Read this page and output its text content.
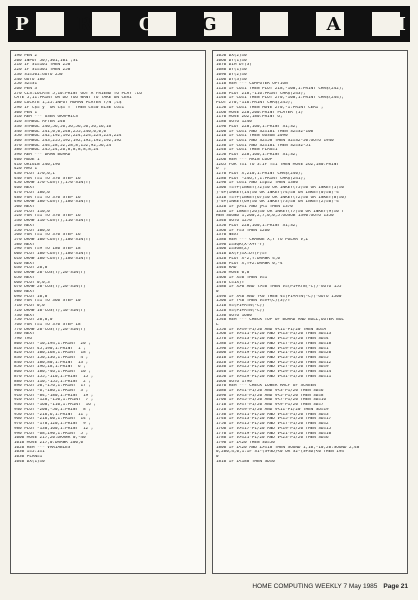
P	R	O	G	R	A	M
190 PEN 2
200 INPUT"50),301,101";S1
210 IF S1=101 THEN 250
220 IF S1=301 THEN 250
230 S1=501:GOTO 250
240 GOTO 180
250 S2=S1
260 PEN 3
270 CLS:LOCATE 5,10:PRINT"GOT A FRIEND TO PLAY":LO
CATE 5,11:PRINT"OR DO YOU WANT TO TAKE ON CERI"
280 LOCATE 1,25:INPUT"HUMAN PLAYER Y/N";c$
290 IF c$="y" OR c$="Y" THEN co=0 ELSE co=1
300 PEN 1
310 REM *** USER GRAPHICS
320 SYMBOL AFTER 240
330 SYMBOL 240,56,56,56,56,56,56,16,16
340 SYMBOL 241,0,0,240,255,240,0,0,0
350 SYMBOL 242,192,192,224,224,224,224,224
360 SYMBOL 243,255,192,192,192,192,192,192
370 SYMBOL 244,28,52,28,8,152,92,56,24
380 SYMBOL 245,24,26,8,8,8,8,8,24
390 REM *** DRAW BOARD
400 MODE 1
410 ORIGIN 240,196
420 MAG 1
430 PLOT 170,0,1
440 FOR T=1 TO 370 STEP 16
450 DRAW 170*COS(T),170*SIN(T)
460 NEXT
470 PLOT 180,0
480 FOR T=1 TO 370 STEP 16
490 DRAW 180*COS(T),180*SIN(T)
500 NEXT
510 PLOT 110,0
520 FOR T=1 TO 370 STEP 16
530 DRAW 110*COS(T),110*SIN(T)
540 NEXT
550 PLOT 100,0
560 FOR T=1 TO 370 STEP 16
570 DRAW 100*COS(T),100*SIN(T)
580 NEXT
590 FOR T=9 TO 180 STEP 18
600 PLOT 180*COS(T),180*SIN(T)
610 DRAW 180*COS(T),180*SIN(T)
620 NEXT
630 PLOT 20,0
640 DRAW 20*COS(T),20*SIN(T)
650 NEXT
660 PLOT 0,0,3
670 DRAW 20*COS(T),20*SIN(T)
680 NEXT
690 PLOT 10,0
700 FOR T=1 TO 360 STEP 10
710 PLOT 0,0
720 DRAW 10*COS(T),10*SIN(T)
730 NEXT
750 PLOT 20,0,0
760 FOR T=1 TO 370 STEP 18
770 DRAW 20*COS(T),20*SIN(T)
780 NEXT
790 TAG
800 PLOT -10,194,1:PRINT "20";
810 PLOT 45,190,1:PRINT "1";
820 PLOT 100,168,1:PRINT "18";
830 PLOT 150,136,1:PRINT "4";
840 PLOT 180,80,1:PRINT "13";
850 PLOT 196,18,1:PRINT "6";
860 PLOT 180,-46,1:PRINT "10";
870 PLOT 155,-110,1:PRINT "15";
880 PLOT 110,-155,1:PRINT "2";
890 PLOT 50,-176,1:PRINT "17";
900 PLOT -6,-186,1:PRINT "3";
910 PLOT -84,-180,1:PRINT "19";
920 PLOT -128,-150,1:PRINT "7";
930 PLOT -160,-110,1:PRINT "16";
940 PLOT -200,-50,1:PRINT "8";
950 PLOT -216,6,1:PRINT "11";
960 PLOT -216,60,1:PRINT "14";
970 PLOT -170,120,1:PRINT "9";
980 PLOT -130,160,1:PRINT "12";
990 PLOT -68,190,1:PRINT "5";
1000 MOVE 217,20:DRAWR 0,-40
1010 MOVE 217,0:DRAWR 200,0
1020 REM *** VARIABLES
1030 I=5:I=1
1030 PLAN=1
1040 DX(1)=0
1050 DX(2)=0
1060 DY(1)=0
1070 DIM DY(3)
1080 DY(1)=0
1090 DY(2)=0
1100 DY(3)=0
1110 REM *** COMPUTER OPTION
1120 IF CO=1 THEN PLOT 218,-100,1:PRINT CHR$(242);
1130 PLOT 218,-116:PRINT CHR$(243);
1140 IF CO=1 THEN PLOT 270,-100,1:PRINT CHR$(244);
PLOT 270,-116:PRINT CHR$(245);
1150 IF CO=1 THEN MOVE 270,-1:PRINT"CERI";
1160 MOVE 220,200:PRINT"PLAYER"(1)
1170 MOVE 262,180:PRINT O;
1180 GOTO 1240
1190 PLOT 220,160,1:PRINT S1;S2;
1200 IF CO=1 AND S2=101 THEN S2=S2-100
1210 IF CO=1 THEN GOSUB 2090
1220 IF CO=1 AND S2=50 THEN S2=S2-50:GOTO 1940
1230 IF CO=1 AND S2=101 THEN S2=S2-51
1240 IF CO=1 THEN FLAG=1
1250 PLOT 220,160,1:PRINT S1;S2;
1260 REM *** MAIN LOOP
1265 FOR T=1 TO 3:IF T=1 THEN MOVE 262,180:PRINT"
O ";
1270 PLOT X,210,1:PRINT CHR$(240);
1280 PLOT -246,Y,1:PRINT CHR$(241);
1290 IF co=1 AND I=p=2 THEN 1380
1300 Y=Y+(INKEY(72)=0 OR INKEY(75)=0 OR INKEY(1)=0
)*4+(INKEY(14)=0 OR INKEY(74)=0 OR INKEY(0)=0)*4
1310 Y=Y+(INKEY(67)=0 OR INKEY(72)=0 OR INKEY(0)=0)
)*4+(INKEY(69)=0 OR INKEY(73)=0 OR INKEY(2)=0)*4
1320 IF y>=1 AND y<1 THEN 1370
1330 IF INKEY(26)=0 OR INKEY(77)=0 OR INKEY(9)=0 T
HEN SOUND 1,200,2,7,0,0,5:GOSUB 1390:GOTO 1350
1340 GOTO 1270
1350 PLOT 220,160,1:PRINT S1;S2;
1360 IF F=3 THEN 1260
1370 NEXT
1380 REM *** CHANGE X,Y TO POLAR V,Z
1390 Z=SQR(X*X+Y*Y)
1400 Z=SGN(Z)
1410 DX(F)=X:DY(F)=Y
1420 PLOT X-2,Y:DRAWR 4,0
1430 PLOT X,Y+2:DRAWR 0,-4
1440 RAD
1450 MOVE 0,0
1460 IF X=0 THEN V=1
1470 C=1X)Y
1480 IF X>0 AND Y>=0 THEN V=(P1+ATN(-C))*GOTO 155
0
1490 IF X<0 AND Y<0 THEN V=(P1+ATN(-C))*GOTO 1500
1500 IF Y<0 THEN V=V+(C)(3)/Y
1510 V=(P1+ATN(-C))
1520 V=(P1+ATN(-C))
1530 GOTO 1680
1540 REM *** CHECK TOP OF BOARD AND BULL,OUTER BUL
L
1550 IF V>=9*P1/20 AND V<11*P1/20 THEN SD=A
1560 IF V>=11*P1/20 AND V<13*P1/20 THEN SD=13
1570 IF V>=13*P1/20 AND V<15*P1/20 THEN SD=4
1580 IF V>=15*P1/20 AND V<17*P1/20 THEN SD=18
1590 IF V>=17*P1/20 AND V<19*P1/20 THEN SD=1
1600 IF V>=19*P1/20 AND V<21*P1/20 THEN SD=20
1610 IF V>=21*P1/20 AND V<23*P1/20 THEN SD=5
1620 IF V>=23*P1/20 AND V<25*P1/20 THEN SD=12
1630 IF V>=25*P1/20 AND V<27*P1/20 THEN SD=9
1640 IF V>=27*P1/20 AND V<29*P1/20 THEN SD=14
1650 IF V>=29*P1/20 AND V<31*P1/20 THEN SD=11
1660 GOTO 1790
1670 REM *** CHECK LOWER HALF OF SCREEN
1680 IF V>=1*P1/20 AND V<3*P1/20 THEN SD=6
1690 IF V>=3*P1/20 AND V<5*P1/20 THEN SD=8
1700 IF V>=5*P1/20 AND V<7*P1/20 THEN SD=16
1710 IF V>=7*P1/20 AND V<9*P1/20 THEN SD=7
1720 IF V>=9*P1/20 AND V<11*P1/20 THEN SD=19
1730 IF V>=11*P1/20 AND V<13*P1/20 THEN SD=3
1740 IF V>=13*P1/20 AND V<15*P1/20 THEN SD=17
1750 IF V>=15*P1/20 AND V<17*P1/20 THEN SD=2
1760 IF V>=17*P1/20 AND V<19*P1/20 THEN SD=15
1770 IF V>=19*P1/20 AND V<21*P1/20 THEN SD=10
1780 IF V>=21*P1/20 AND V<23*P1/20 THEN SD=6
1790 IF Z<20 THEN SD=50
1800 IF Z<20 AND Z>=10 THEN SOUND 1,10,-10,20:SOUND 2,40
0,200,4,0,1:IF S1-(S+SD)<0 OR S2-(S+SD)<0 THEN 194
0
1810 IF Z<180 THEN SD=0
HOME COMPUTING WEEKLY 7 May 1985 Page 21
